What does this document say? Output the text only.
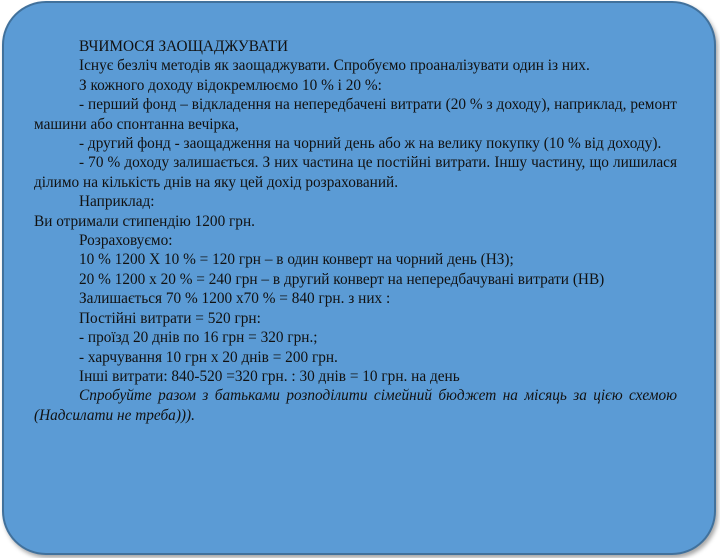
ВЧИМОСЯ ЗАОЩАДЖУВАТИ

Існує безліч методів як заощаджувати. Спробуємо проаналізувати один із них.

З кожного доходу відокремлюємо 10 % і 20 %:

- перший фонд – відкладення на непередбачені витрати (20 % з доходу), наприклад, ремонт машини або спонтанна вечірка,

- другий фонд - заощадження на чорний день або ж на велику покупку (10 % від доходу).

- 70 % доходу залишається. З них частина це постійні витрати. Іншу частину, що лишилася ділимо на кількість днів на яку цей дохід розрахований.

Наприклад:

Ви отримали стипендію 1200 грн.

Розраховуємо:

10 % 1200 Х 10 % = 120 грн – в один конверт на чорний день (НЗ);

20 % 1200 х 20 % = 240 грн – в другий конверт на непередбачувані витрати (НВ)

Залишається 70 % 1200 х70 % = 840 грн. з них :

Постійні витрати = 520 грн:

- проїзд 20 днів по 16 грн = 320 грн.;

- харчування 10 грн х 20 днів = 200 грн.

Інші витрати: 840-520 =320 грн. : 30 днів = 10 грн. на день

Спробуйте разом з батьками розподілити сімейний бюджет на місяць за цією схемою (Надсилати не треба))).
